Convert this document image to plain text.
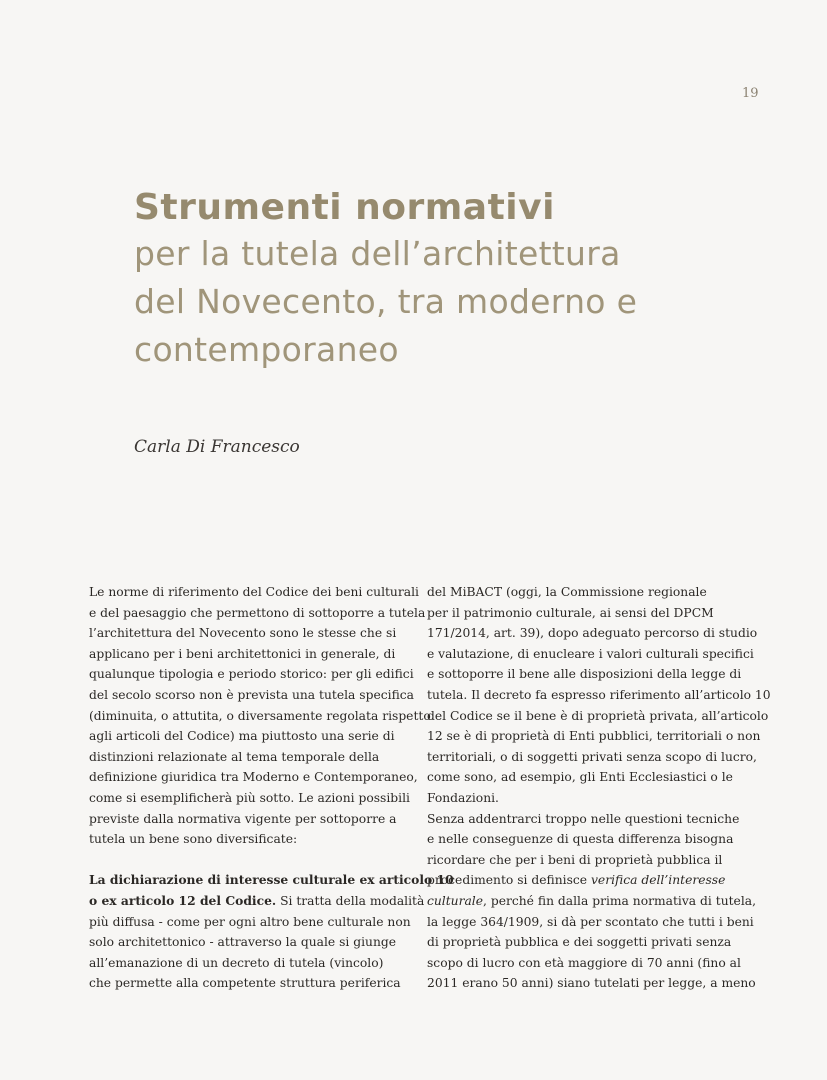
19
Strumenti normativi
per la tutela dell’architettura
del Novecento, tra moderno e
contemporaneo
Carla Di Francesco
Le norme di riferimento del Codice dei beni culturali
e del paesaggio che permettono di sottoporre a tutela
l’architettura del Novecento sono le stesse che si
applicano per i beni architettonici in generale, di
qualunque tipologia e periodo storico: per gli edifici
del secolo scorso non è prevista una tutela specifica
(diminuita, o attutita, o diversamente regolata rispetto
agli articoli del Codice) ma piuttosto una serie di
distinzioni relazionate al tema temporale della
definizione giuridica tra Moderno e Contemporaneo,
come si esemplificherà più sotto. Le azioni possibili
previste dalla normativa vigente per sottoporre a
tutela un bene sono diversificate:
La dichiarazione di interesse culturale ex articolo 10
o ex articolo 12 del Codice. Si tratta della modalità
più diffusa - come per ogni altro bene culturale non
solo architettonico - attraverso la quale si giunge
all’emanazione di un decreto di tutela (vincolo)
che permette alla competente struttura periferica
del MiBACT (oggi, la Commissione regionale
per il patrimonio culturale, ai sensi del DPCM
171/2014, art. 39), dopo adeguato percorso di studio
e valutazione, di enucleare i valori culturali specifici
e sottoporre il bene alle disposizioni della legge di
tutela. Il decreto fa espresso riferimento all’articolo 10
del Codice se il bene è di proprietà privata, all’articolo
12 se è di proprietà di Enti pubblici, territoriali o non
territoriali, o di soggetti privati senza scopo di lucro,
come sono, ad esempio, gli Enti Ecclesiastici o le
Fondazioni.
Senza addentrarci troppo nelle questioni tecniche
e nelle conseguenze di questa differenza bisogna
ricordare che per i beni di proprietà pubblica il
procedimento si definisce verifica dell’interesse
culturale, perché fin dalla prima normativa di tutela,
la legge 364/1909, si dà per scontato che tutti i beni
di proprietà pubblica e dei soggetti privati senza
scopo di lucro con età maggiore di 70 anni (fino al
2011 erano 50 anni) siano tutelati per legge, a meno
